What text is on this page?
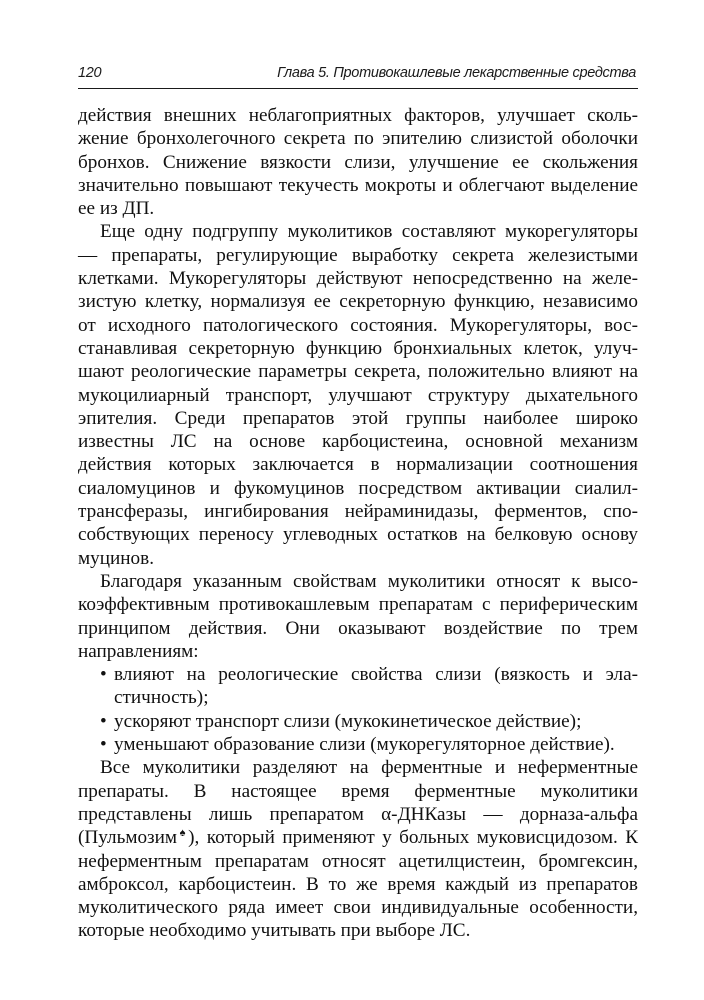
120	Глава 5. Противокашлевые лекарственные средства

действия внешних неблагоприятных факторов, улучшает скольжение бронхолегочного секрета по эпителию слизистой оболочки бронхов. Снижение вязкости слизи, улучшение ее скольжения значительно повышают текучесть мокроты и облегчают выделение ее из ДП.

Еще одну подгруппу муколитиков составляют мукорегуляторы — препараты, регулирующие выработку секрета железистыми клетками. Мукорегуляторы действуют непосредственно на железистую клетку, нормализуя ее секреторную функцию, независимо от исходного патологического состояния. Мукорегуляторы, восстанавливая секреторную функцию бронхиальных клеток, улучшают реологические параметры секрета, положительно влияют на мукоцилиарный транспорт, улучшают структуру дыхательного эпителия. Среди препаратов этой группы наиболее широко известны ЛС на основе карбоцистеина, основной механизм действия которых заключается в нормализации соотношения сиаломуцинов и фукомуцинов посредством активации сиалилтрансферазы, ингибирования нейраминидазы, ферментов, способствующих переносу углеводных остатков на белковую основу муцинов.

Благодаря указанным свойствам муколитики относят к высокоэффективным противокашлевым препаратам с периферическим принципом действия. Они оказывают воздействие по трем направлениям:

• влияют на реологические свойства слизи (вязкость и эластичность);
• ускоряют транспорт слизи (мукокинетическое действие);
• уменьшают образование слизи (мукорегуляторное действие).

Все муколитики разделяют на ферментные и неферментные препараты. В настоящее время ферментные муколитики представлены лишь препаратом α-ДНКазы — дорназа-альфа (Пульмозим♠), который применяют у больных муковисцидозом. К неферментным препаратам относят ацетилцистеин, бромгексин, амброксол, карбоцистеин. В то же время каждый из препаратов муколитического ряда имеет свои индивидуальные особенности, которые необходимо учитывать при выборе ЛС.
